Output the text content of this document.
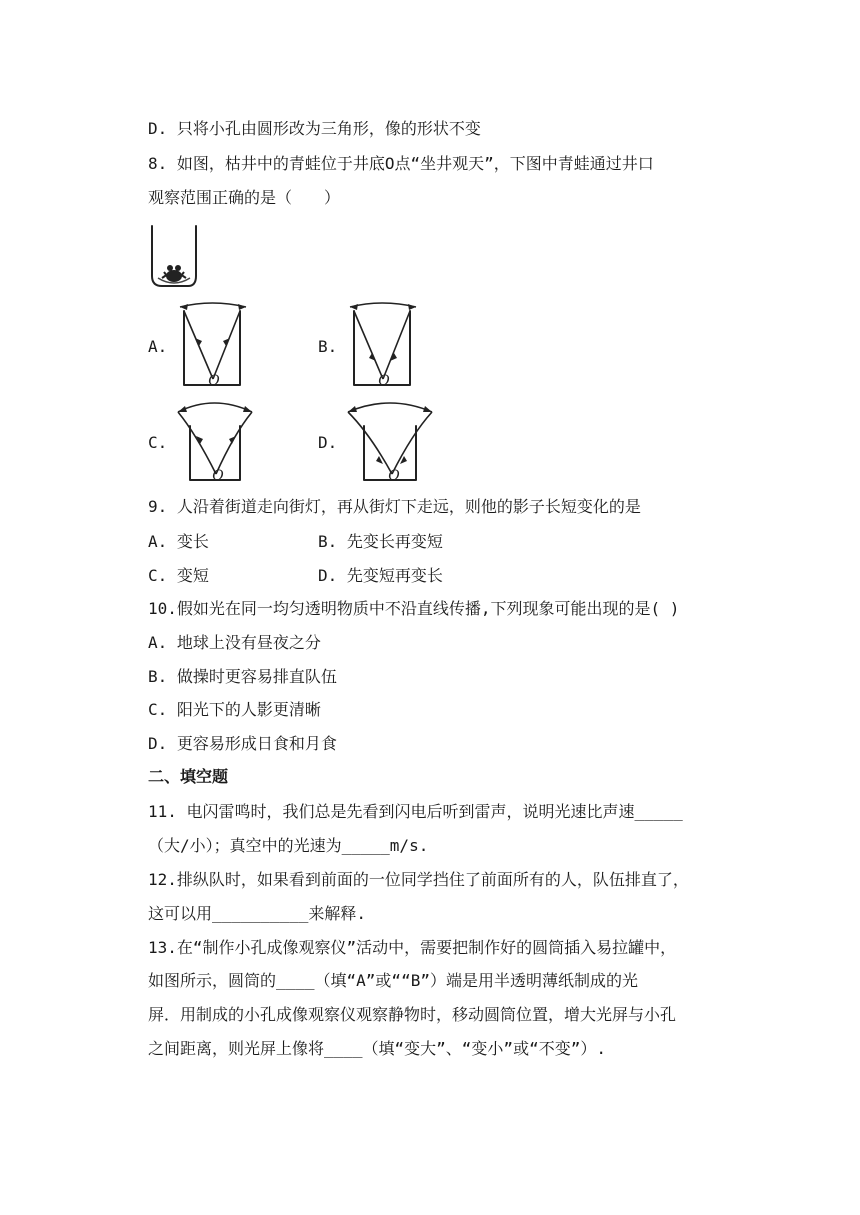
D. 只将小孔由圆形改为三角形，像的形状不变
8. 如图，枯井中的青蛙位于井底O点“坐井观天”，下图中青蛙通过井口
观察范围正确的是（　　）
A.
O
B.
O
C.
O
D.
O
9. 人沿着街道走向街灯，再从街灯下走远，则他的影子长短变化的是
A. 变长	B. 先变长再变短
C. 变短	D. 先变短再变长
10.假如光在同一均匀透明物质中不沿直线传播,下列现象可能出现的是( )
A. 地球上没有昼夜之分
B. 做操时更容易排直队伍
C. 阳光下的人影更清晰
D. 更容易形成日食和月食
二、填空题
11. 电闪雷鸣时，我们总是先看到闪电后听到雷声，说明光速比声速_____
（大/小）；真空中的光速为_____m/s.
12.排纵队时，如果看到前面的一位同学挡住了前面所有的人，队伍排直了，
这可以用__________来解释.
13.在“制作小孔成像观察仪”活动中，需要把制作好的圆筒插入易拉罐中，
如图所示，圆筒的____（填“A”或““B”）端是用半透明薄纸制成的光
屏．用制成的小孔成像观察仪观察静物时，移动圆筒位置，增大光屏与小孔
之间距离，则光屏上像将____（填“变大”、“变小”或“不变”）.
